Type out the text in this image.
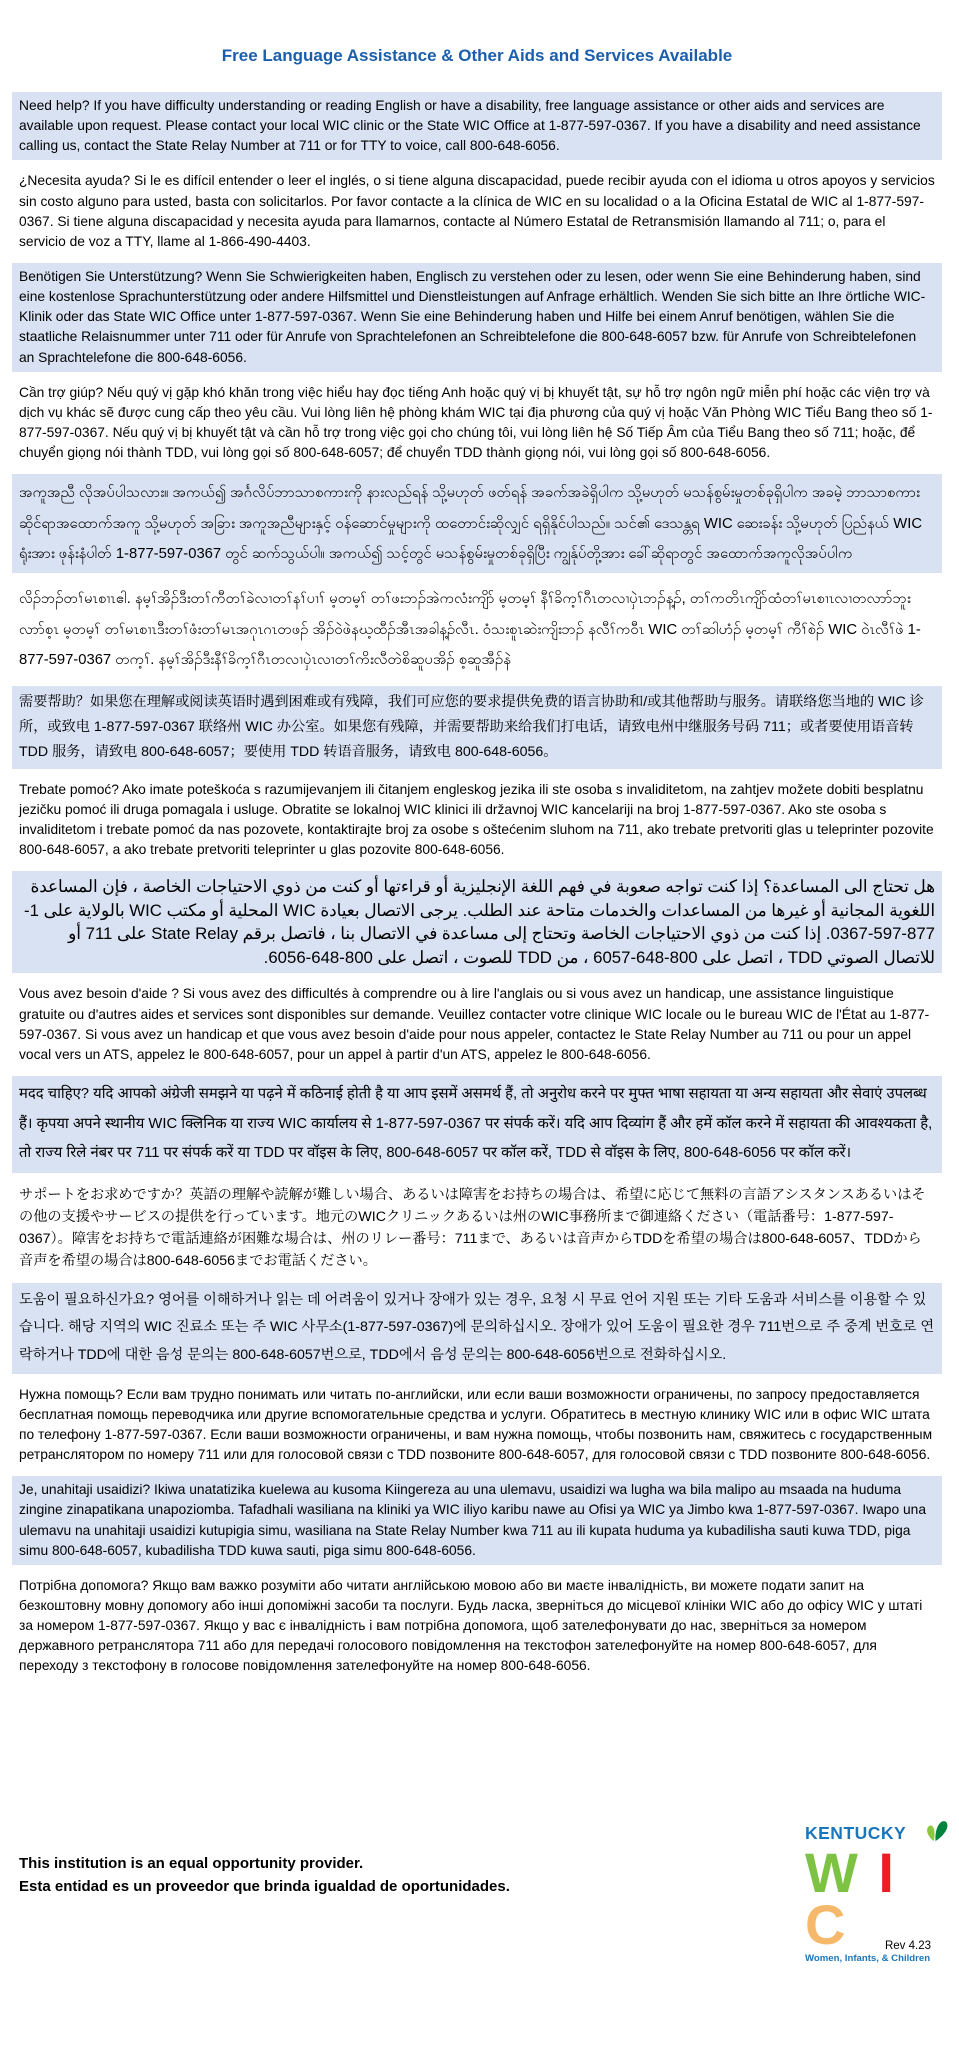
Free Language Assistance & Other Aids and Services Available
Need help? If you have difficulty understanding or reading English or have a disability, free language assistance or other aids and services are available upon request. Please contact your local WIC clinic or the State WIC Office at 1-877-597-0367. If you have a disability and need assistance calling us, contact the State Relay Number at 711 or for TTY to voice, call 800-648-6056.
¿Necesita ayuda? Si le es difícil entender o leer el inglés, o si tiene alguna discapacidad, puede recibir ayuda con el idioma u otros apoyos y servicios sin costo alguno para usted, basta con solicitarlos. Por favor contacte a la clínica de WIC en su localidad o a la Oficina Estatal de WIC al 1-877-597-0367. Si tiene alguna discapacidad y necesita ayuda para llamarnos, contacte al Número Estatal de Retransmisión llamando al 711; o, para el servicio de voz a TTY, llame al 1-866-490-4403.
Benötigen Sie Unterstützung? Wenn Sie Schwierigkeiten haben, Englisch zu verstehen oder zu lesen, oder wenn Sie eine Behinderung haben, sind eine kostenlose Sprachunterstützung oder andere Hilfsmittel und Dienstleistungen auf Anfrage erhältlich. Wenden Sie sich bitte an Ihre örtliche WIC-Klinik oder das State WIC Office unter 1-877-597-0367. Wenn Sie eine Behinderung haben und Hilfe bei einem Anruf benötigen, wählen Sie die staatliche Relaisnummer unter 711 oder für Anrufe von Sprachtelefonen an Schreibtelefone die 800-648-6057 bzw. für Anrufe von Schreibtelefonen an Sprachtelefone die 800-648-6056.
Cần trợ giúp? Nếu quý vị gặp khó khăn trong việc hiểu hay đọc tiếng Anh hoặc quý vị bị khuyết tật, sự hỗ trợ ngôn ngữ miễn phí hoặc các viện trợ và dịch vụ khác sẽ được cung cấp theo yêu cầu. Vui lòng liên hệ phòng khám WIC tại địa phương của quý vị hoặc Văn Phòng WIC Tiểu Bang theo số 1-877-597-0367. Nếu quý vị bị khuyết tật và cần hỗ trợ trong việc gọi cho chúng tôi, vui lòng liên hệ Số Tiếp Âm của Tiểu Bang theo số 711; hoặc, để chuyển giọng nói thành TDD, vui lòng gọi số 800-648-6057; để chuyển TDD thành giọng nói, vui lòng gọi số 800-648-6056.
အကူအညီ လိုအပ်ပါသလား။ အကယ်၍ အင်္ဂလိပ်ဘာသာစကားကို နားလည်ရန် သို့မဟုတ် ဖတ်ရန် အခက်အခဲရှိပါက သို့မဟုတ် မသန်စွမ်းမှုတစ်ခုရှိပါက အခမဲ့ ဘာသာစကားဆိုင်ရာအထောက်အကူ သို့မဟုတ် အခြား အကူအညီများနှင့် ဝန်ဆောင်မှုများကို ထတောင်းဆိုလျှင် ရရှိနိုင်ပါသည်။ သင်၏ ဒေသန္တရ WIC ဆေးခန်း သို့မဟုတ် ပြည်နယ် WIC ရုံးအား ဖုန်းနံပါတ် 1-877-597-0367 တွင် ဆက်သွယ်ပါ။ အကယ်၍ သင့်တွင် မသန်စွမ်းမှုတစ်ခုရှိပြီး ကျွန်ုပ်တို့အား ခေါ်ဆိုရာတွင် အထောက်အကူလိုအပ်ပါက
လိၣ်ဘၣ်တၢ်မၤစၢၤဧါ. နမ့ၢ်အိၣ်ဒီးတၢ်ကီတၢ်ခဲလၢတၢ်နၢ်ပၢၢ် မ့တမ့ၢ် တၢ်ဖးဘၣ်အဲကလံးကျိာ် မ့တမ့ၢ် နီၢ်ခိက့ၢ်ဂီၤတလၢပှဲၤဘၣ်န့ၣ်, တၢ်ကတိၤကျိာ်ထံတၢ်မၤစၢၤလၢတလာာ်ဘူးလာာ်စ့ၤ မ့တမ့ၢ် တၢ်မၤစၢၤဒီးတၢ်ဖံးတၢ်မၤအဂုၤဂၤတဖၣ် အိၣ်ဝဲဖဲနဃ့ထီၣ်အီၤအခါန့ၣ်လီၤ. ဝံသးစူၤဆဲးကျိးဘၣ် နလီၢ်ကဝီၤ WIC တၢ်ဆါဟံၣ် မ့တမ့ၢ် ကီၢ်စဲၣ် WIC ဝဲၤလီၢ်ဖဲ 1-877-597-0367 တက့ၢ်. နမ့ၢ်အိၣ်ဒီးနီၢ်ခိက့ၢ်ဂီၤတလၢပှဲၤလၢတၢ်ကိးလီတဲစိဆူပအိၣ် စ့ဆူအီၣ်နဲ
需要帮助？如果您在理解或阅读英语时遇到困难或有残障，我们可应您的要求提供免费的语言协助和/或其他帮助与服务。请联络您当地的 WIC 诊所，或致电 1-877-597-0367 联络州 WIC 办公室。如果您有残障，并需要帮助来给我们打电话，请致电州中继服务号码 711；或者要使用语音转 TDD 服务，请致电 800-648-6057；要使用 TDD 转语音服务，请致电 800-648-6056。
Trebate pomoć? Ako imate poteškoća s razumijevanjem ili čitanjem engleskog jezika ili ste osoba s invaliditetom, na zahtjev možete dobiti besplatnu jezičku pomoć ili druga pomagala i usluge. Obratite se lokalnoj WIC klinici ili državnoj WIC kancelariji na broj 1-877-597-0367. Ako ste osoba s invaliditetom i trebate pomoć da nas pozovete, kontaktirajte broj za osobe s oštećenim sluhom na 711, ako trebate pretvoriti glas u teleprinter pozovite 800-648-6057, a ako trebate pretvoriti teleprinter u glas pozovite 800-648-6056.
هل تحتاج الى المساعدة؟ إذا كنت تواجه صعوبة في فهم اللغة الإنجليزية أو قراءتها أو كنت من ذوي الاحتياجات الخاصة ، فإن المساعدة اللغوية المجانية أو غيرها من المساعدات والخدمات متاحة عند الطلب. يرجى الاتصال بعيادة WIC المحلية أو مكتب WIC بالولاية على 1-877-597-0367. إذا كنت من ذوي الاحتياجات الخاصة وتحتاج إلى مساعدة في الاتصال بنا ، فاتصل برقم State Relay على 711 أو للاتصال الصوتي TDD ، اتصل على 800-648-6057 ، من TDD للصوت ، اتصل على 800-648-6056.
Vous avez besoin d'aide ? Si vous avez des difficultés à comprendre ou à lire l'anglais ou si vous avez un handicap, une assistance linguistique gratuite ou d'autres aides et services sont disponibles sur demande. Veuillez contacter votre clinique WIC locale ou le bureau WIC de l'État au 1-877-597-0367. Si vous avez un handicap et que vous avez besoin d'aide pour nous appeler, contactez le State Relay Number au 711 ou pour un appel vocal vers un ATS, appelez le 800-648-6057, pour un appel à partir d'un ATS, appelez le 800-648-6056.
मदद चाहिए? यदि आपको अंग्रेजी समझने या पढ़ने में कठिनाई होती है या आप इसमें असमर्थ हैं, तो अनुरोध करने पर मुफ्त भाषा सहायता या अन्य सहायता और सेवाएं उपलब्ध हैं। कृपया अपने स्थानीय WIC क्लिनिक या राज्य WIC कार्यालय से 1-877-597-0367 पर संपर्क करें। यदि आप दिव्यांग हैं और हमें कॉल करने में सहायता की आवश्यकता है, तो राज्य रिले नंबर पर 711 पर संपर्क करें या TDD पर वॉइस के लिए, 800-648-6057 पर कॉल करें, TDD से वॉइस के लिए, 800-648-6056 पर कॉल करें।
サポートをお求めですか？英語の理解や読解が難しい場合、あるいは障害をお持ちの場合は、希望に応じて無料の言語アシスタンスあるいはその他の支援やサービスの提供を行っています。地元のWICクリニックあるいは州のWIC事務所まで御連絡ください（電話番号：1-877-597-0367）。障害をお持ちで電話連絡が困難な場合は、州のリレー番号：711まで、あるいは音声からTDDを希望の場合は800-648-6057、TDDから音声を希望の場合は800-648-6056までお電話ください。
도움이 필요하신가요? 영어를 이해하거나 읽는 데 어려움이 있거나 장애가 있는 경우, 요청 시 무료 언어 지원 또는 기타 도움과 서비스를 이용할 수 있습니다. 해당 지역의 WIC 진료소 또는 주 WIC 사무소(1-877-597-0367)에 문의하십시오. 장애가 있어 도움이 필요한 경우 711번으로 주 중계 번호로 연락하거나 TDD에 대한 음성 문의는 800-648-6057번으로, TDD에서 음성 문의는 800-648-6056번으로 전화하십시오.
Нужна помощь? Если вам трудно понимать или читать по-английски, или если ваши возможности ограничены, по запросу предоставляется бесплатная помощь переводчика или другие вспомогательные средства и услуги. Обратитесь в местную клинику WIC или в офис WIC штата по телефону 1-877-597-0367. Если ваши возможности ограничены, и вам нужна помощь, чтобы позвонить нам, свяжитесь с государственным ретранслятором по номеру 711 или для голосовой связи с TDD позвоните 800-648-6057, для голосовой связи с TDD позвоните 800-648-6056.
Je, unahitaji usaidizi? Ikiwa unatatizika kuelewa au kusoma Kiingereza au una ulemavu, usaidizi wa lugha wa bila malipo au msaada na huduma zingine zinapatikana unapoziomba. Tafadhali wasiliana na kliniki ya WIC iliyo karibu nawe au Ofisi ya WIC ya Jimbo kwa 1-877-597-0367. Iwapo una ulemavu na unahitaji usaidizi kutupigia simu, wasiliana na State Relay Number kwa 711 au ili kupata huduma ya kubadilisha sauti kuwa TDD, piga simu 800-648-6057, kubadilisha TDD kuwa sauti, piga simu 800-648-6056.
Потрібна допомога? Якщо вам важко розуміти або читати англійською мовою або ви маєте інвалідність, ви можете подати запит на безкоштовну мовну допомогу або інші допоміжні засоби та послуги. Будь ласка, зверніться до місцевої клініки WIC або до офісу WIC у штаті за номером 1-877-597-0367. Якщо у вас є інвалідність і вам потрібна допомога, щоб зателефонувати до нас, зверніться за номером державного ретранслятора 711 або для передачі голосового повідомлення на текстофон зателефонуйте на номер 800-648-6057, для переходу з текстофону в голосове повідомлення зателефонуйте на номер 800-648-6056.
This institution is an equal opportunity provider.
Esta entidad es un proveedor que brinda igualdad de oportunidades.
KENTUCKY
W I C
Women, Infants, & Children
Rev 4.23
